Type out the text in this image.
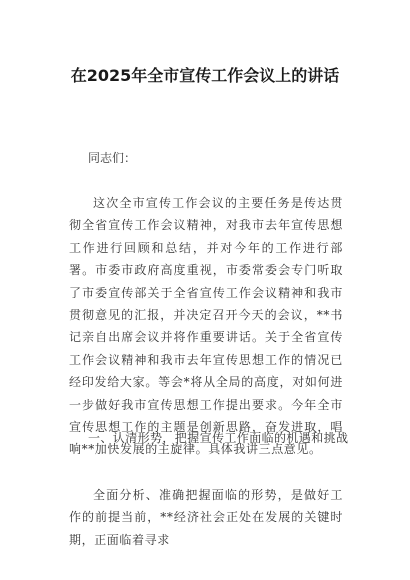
在2025年全市宣传工作会议上的讲话
同志们：

这次全市宣传工作会议的主要任务是传达贯彻全省宣传工作会议精神，对我市去年宣传思想工作进行回顾和总结，并对今年的工作进行部署。市委市政府高度重视，市委常委会专门听取了市委宣传部关于全省宣传工作会议精神和我市贯彻意见的汇报，并决定召开今天的会议，**书记亲自出席会议并将作重要讲话。关于全省宣传工作会议精神和我市去年宣传思想工作的情况已经印发给大家。等会*将从全局的高度，对如何进一步做好我市宣传思想工作提出要求。今年全市宣传思想工作的主题是创新思路，奋发进取，唱响**加快发展的主旋律。具体我讲三点意见。

一、认清形势，把握宣传工作面临的机遇和挑战

全面分析、准确把握面临的形势，是做好工作的前提当前，**经济社会正处在发展的关键时期，正面临着寻求
